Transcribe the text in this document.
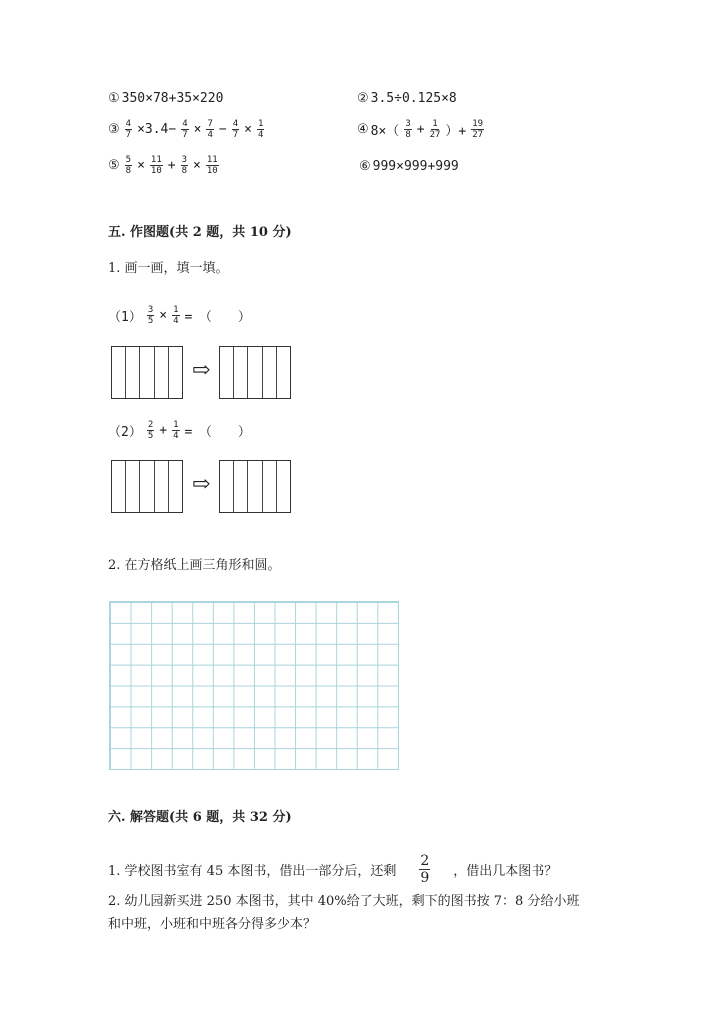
① 350×78+35×220	② 3.5÷0.125×8
③ $\frac{4}{7} \times 3.4- \frac{4}{7} \times \frac{7}{4} - \frac{4}{7} \times \frac{1}{4}$	④ 8×（ 3
$8 + \frac{1}{27}$ ）+ $\frac{19}{27}$
⑤ $\frac{5}{8} \times \frac{11}{10} + \frac{3}{8} \times \frac{11}{10}$	⑥ 999×999+999
五. 作图题(共 2 题，共 10 分)
1. 画一画，填一填。
$(1) \frac{3}{5} \times \frac{1}{4}$ =　（　　）
⇨
（2） 2
$5 + \frac{1}{4}$ =　（　　）
⇨
2. 在方格纸上画三角形和圆。
六. 解答题(共 6 题，共 32 分)
1. 学校图书室有 45 本图书，借出一部分后，还剩 $\frac{2}{9}$ ，借出几本图书？
2. 幼儿园新买进 250 本图书，其中 40%给了大班，剩下的图书按 7：8 分给小班
和中班，小班和中班各分得多少本？
